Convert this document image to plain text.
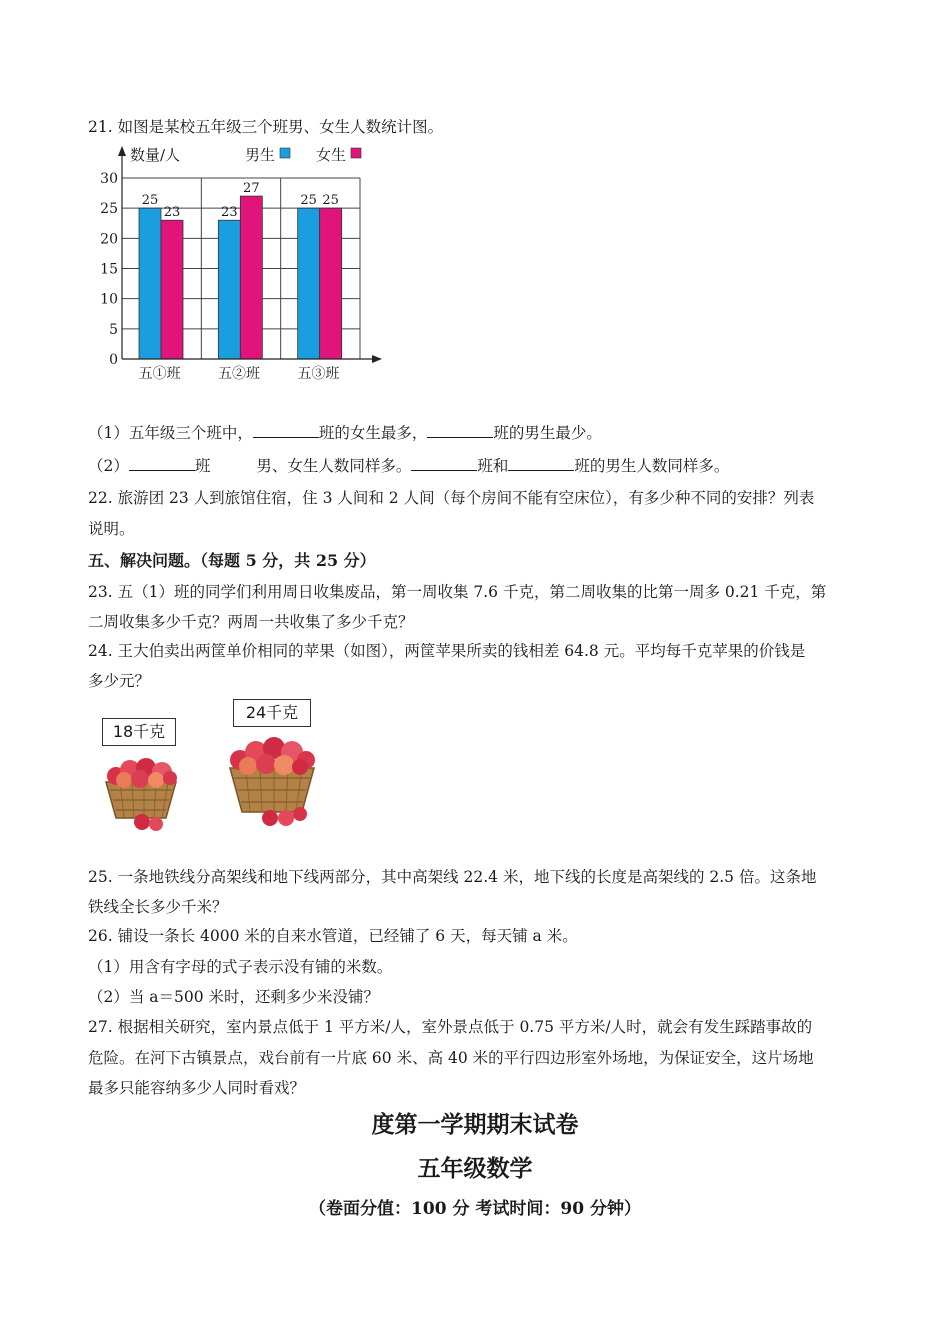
21. 如图是某校五年级三个班男、女生人数统计图。
25
23
五①班
23
27
五②班
25 25
五③班
0
5
10
15
20
25
30
数量/人	男生	女生
（1）五年级三个班中，	班的女生最多，	班的男生最少。
（2）	班	男、女生人数同样多。	班和	班的男生人数同样多。
22. 旅游团 23 人到旅馆住宿，住 3 人间和 2 人间（每个房间不能有空床位），有多少种不同的安排？列表
说明。
五、解决问题。（每题 5 分，共 25 分）
23. 五（1）班的同学们利用周日收集废品，第一周收集 7.6 千克，第二周收集的比第一周多 0.21 千克，第
二周收集多少千克？两周一共收集了多少千克？
24. 王大伯卖出两筐单价相同的苹果（如图），两筐苹果所卖的钱相差 64.8 元。平均每千克苹果的价钱是
多少元？
18千克
24千克
25. 一条地铁线分高架线和地下线两部分，其中高架线 22.4 米，地下线的长度是高架线的 2.5 倍。这条地
铁线全长多少千米？
26. 铺设一条长 4000 米的自来水管道，已经铺了 6 天，每天铺 a 米。
（1）用含有字母的式子表示没有铺的米数。
（2）当 a＝500 米时，还剩多少米没铺？
27. 根据相关研究，室内景点低于 1 平方米/人，室外景点低于 0.75 平方米/人时，就会有发生踩踏事故的
危险。在河下古镇景点，戏台前有一片底 60 米、高 40 米的平行四边形室外场地，为保证安全，这片场地
最多只能容纳多少人同时看戏？
度第一学期期末试卷
五年级数学
（卷面分值：100 分 考试时间：90 分钟）
